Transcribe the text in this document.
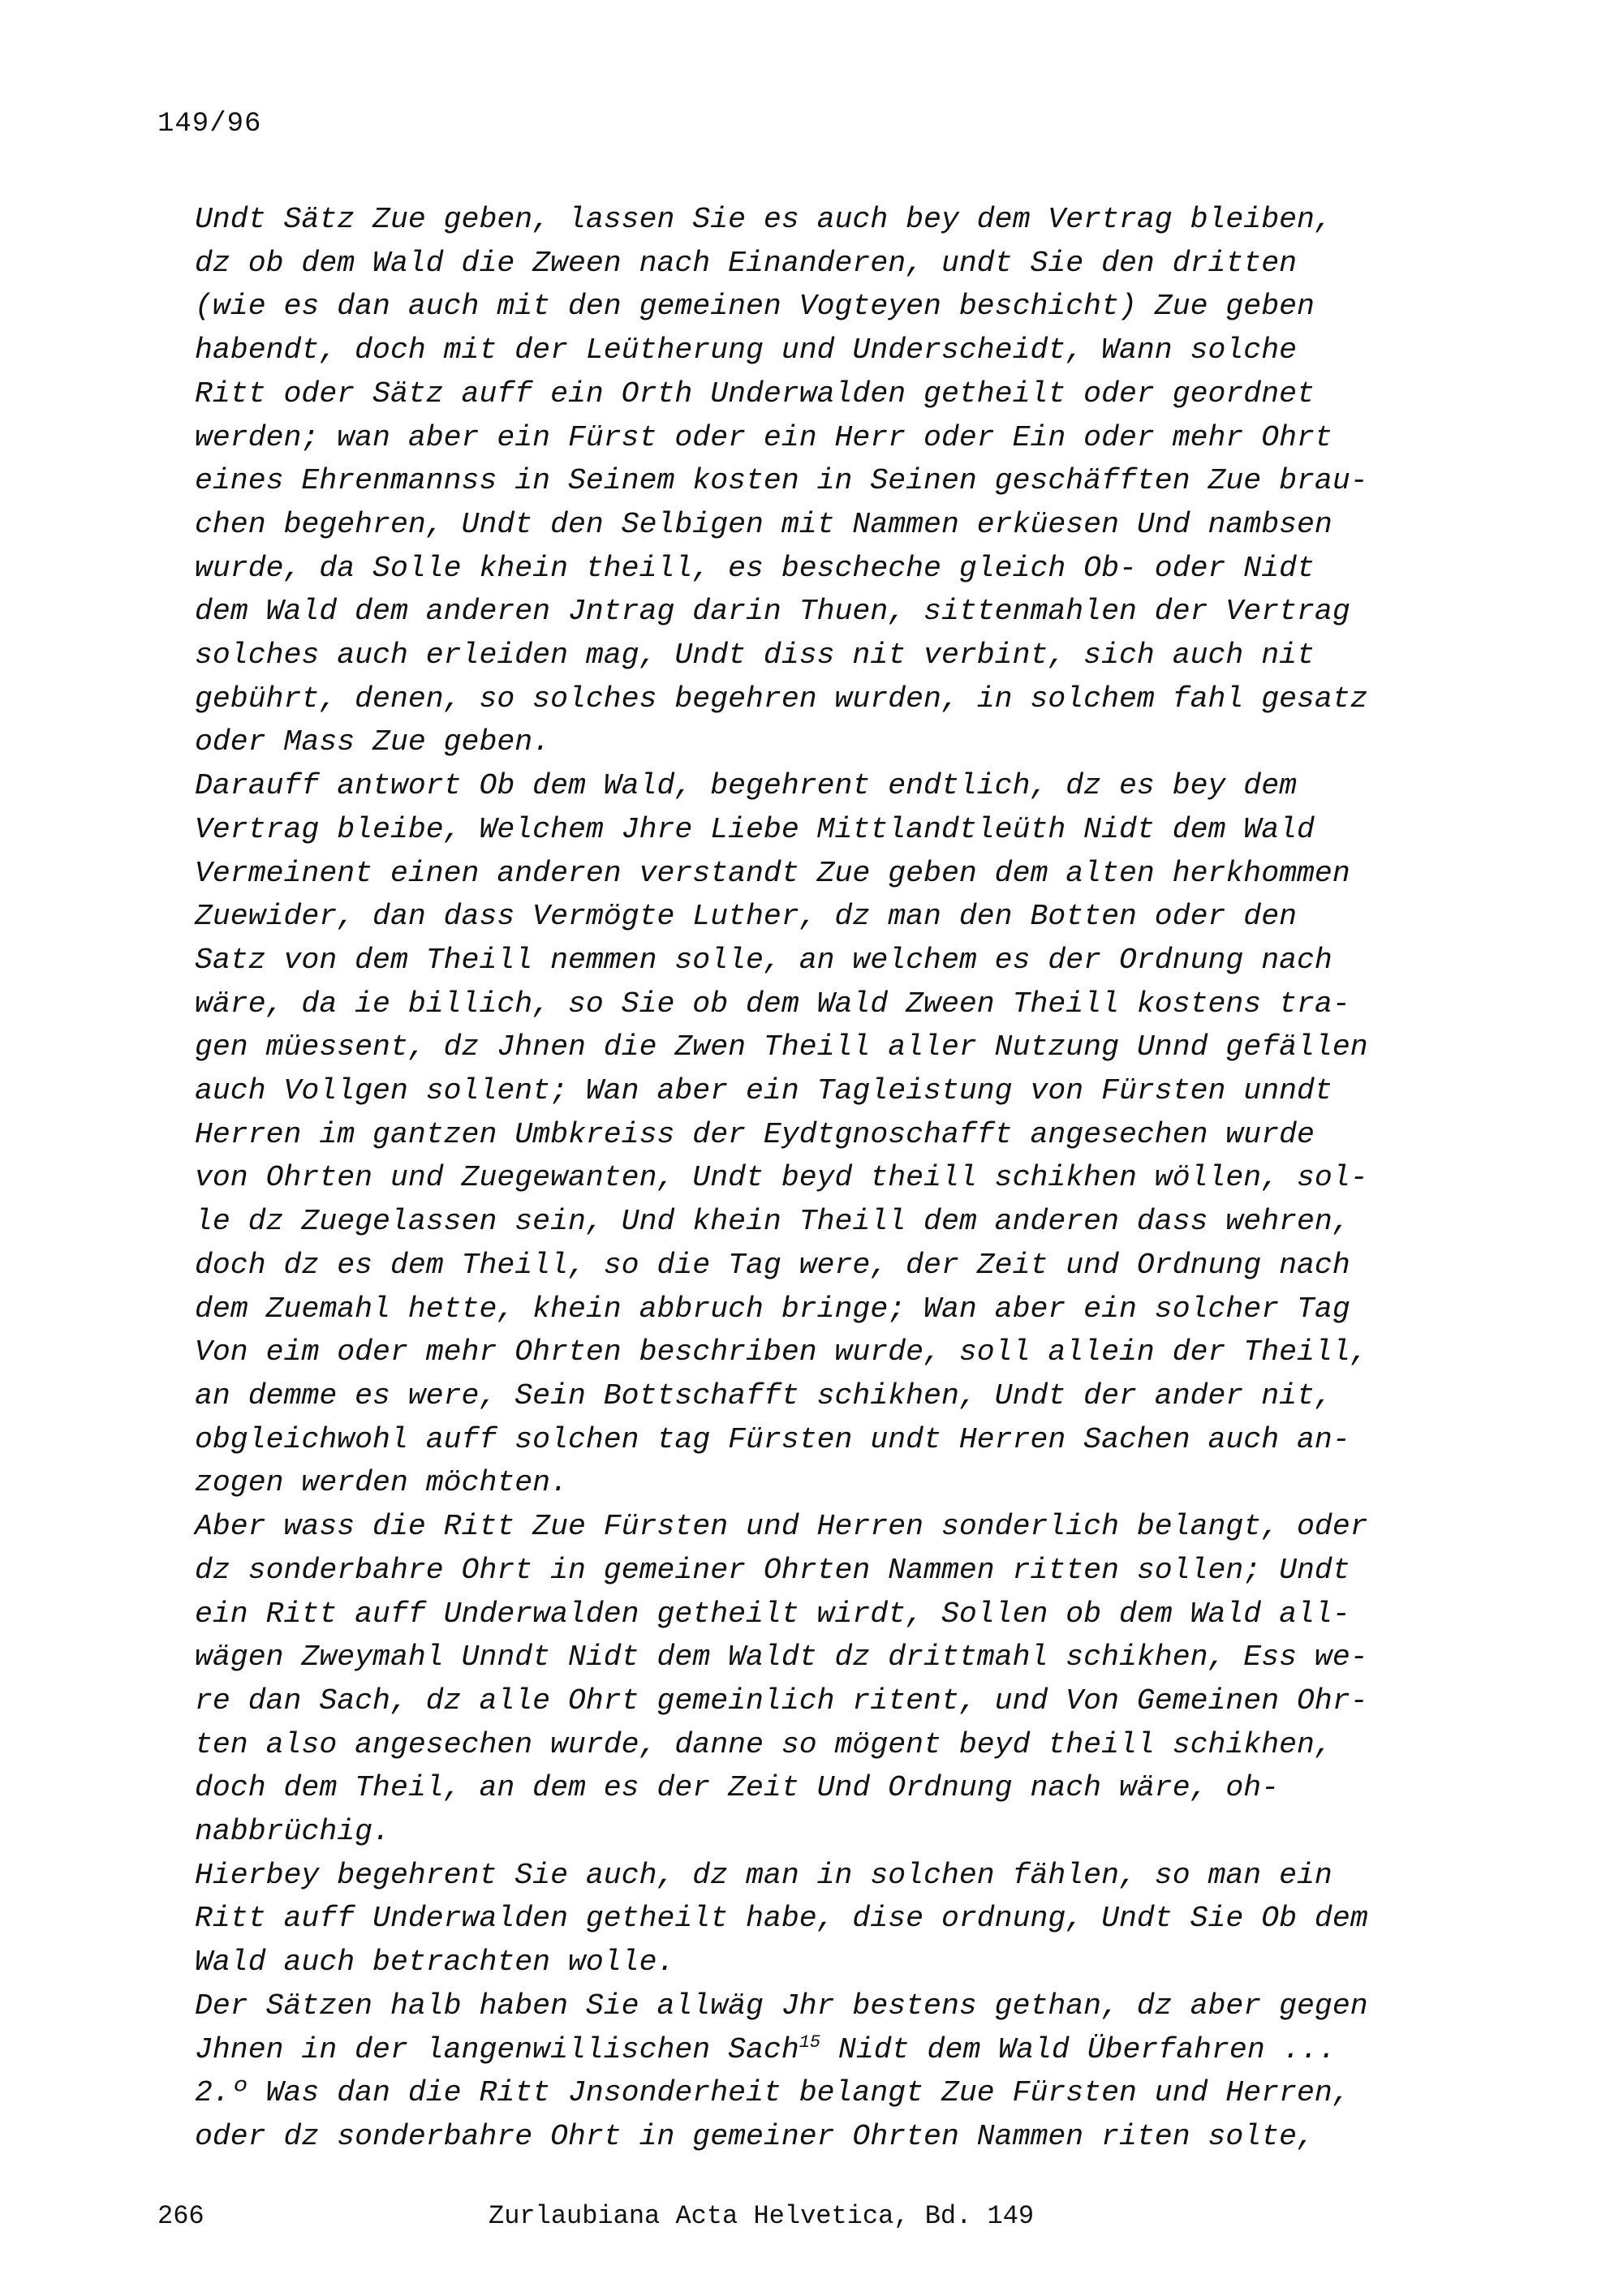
149/96
Undt Sätz Zue geben, lassen Sie es auch bey dem Vertrag bleiben,
dz ob dem Wald die Zween nach Einanderen, undt Sie den dritten
(wie es dan auch mit den gemeinen Vogteyen beschicht) Zue geben
habendt, doch mit der Leütherung und Underscheidt, Wann solche
Ritt oder Sätz auff ein Orth Underwalden getheilt oder geordnet
werden; wan aber ein Fürst oder ein Herr oder Ein oder mehr Ohrt
eines Ehrenmannss in Seinem kosten in Seinen geschäfften Zue brau-
chen begehren, Undt den Selbigen mit Nammen erküesen Und nambsen
wurde, da Solle khein theill, es bescheche gleich Ob- oder Nidt
dem Wald dem anderen Jntrag darin Thuen, sittenmahlen der Vertrag
solches auch erleiden mag, Undt diss nit verbint, sich auch nit
gebührt, denen, so solches begehren wurden, in solchem fahl gesatz
oder Mass Zue geben.
Darauff antwort Ob dem Wald, begehrent endtlich, dz es bey dem
Vertrag bleibe, Welchem Jhre Liebe Mittlandtleüth Nidt dem Wald
Vermeinent einen anderen verstandt Zue geben dem alten herkhommen
Zuewider, dan dass Vermögte Luther, dz man den Botten oder den
Satz von dem Theill nemmen solle, an welchem es der Ordnung nach
wäre, da ie billich, so Sie ob dem Wald Zween Theill kostens tra-
gen müessent, dz Jhnen die Zwen Theill aller Nutzung Unnd gefällen
auch Vollgen sollent; Wan aber ein Tagleistung von Fürsten unndt
Herren im gantzen Umbkreiss der Eydtgnoschafft angesechen wurde
von Ohrten und Zuegewanten, Undt beyd theill schikhen wöllen, sol-
le dz Zuegelassen sein, Und khein Theill dem anderen dass wehren,
doch dz es dem Theill, so die Tag were, der Zeit und Ordnung nach
dem Zuemahl hette, khein abbruch bringe; Wan aber ein solcher Tag
Von eim oder mehr Ohrten beschriben wurde, soll allein der Theill,
an demme es were, Sein Bottschafft schikhen, Undt der ander nit,
obgleichwohl auff solchen tag Fürsten undt Herren Sachen auch an-
zogen werden möchten.
Aber wass die Ritt Zue Fürsten und Herren sonderlich belangt, oder
dz sonderbahre Ohrt in gemeiner Ohrten Nammen ritten sollen; Undt
ein Ritt auff Underwalden getheilt wirdt, Sollen ob dem Wald all-
wägen Zweymahl Unndt Nidt dem Waldt dz drittmahl schikhen, Ess we-
re dan Sach, dz alle Ohrt gemeinlich ritent, und Von Gemeinen Ohr-
ten also angesechen wurde, danne so mögent beyd theill schikhen,
doch dem Theil, an dem es der Zeit Und Ordnung nach wäre, oh-
nabbrüchig.
Hierbey begehrent Sie auch, dz man in solchen fählen, so man ein
Ritt auff Underwalden getheilt habe, dise ordnung, Undt Sie Ob dem
Wald auch betrachten wolle.
Der Sätzen halb haben Sie allwäg Jhr bestens gethan, dz aber gegen
Jhnen in der langenwillischen Sach$^{15}$ Nidt dem Wald Überfahren ...
2.º Was dan die Ritt Jnsonderheit belangt Zue Fürsten und Herren,
oder dz sonderbahre Ohrt in gemeiner Ohrten Nammen riten solte,
266	Zurlaubiana Acta Helvetica, Bd. 149
